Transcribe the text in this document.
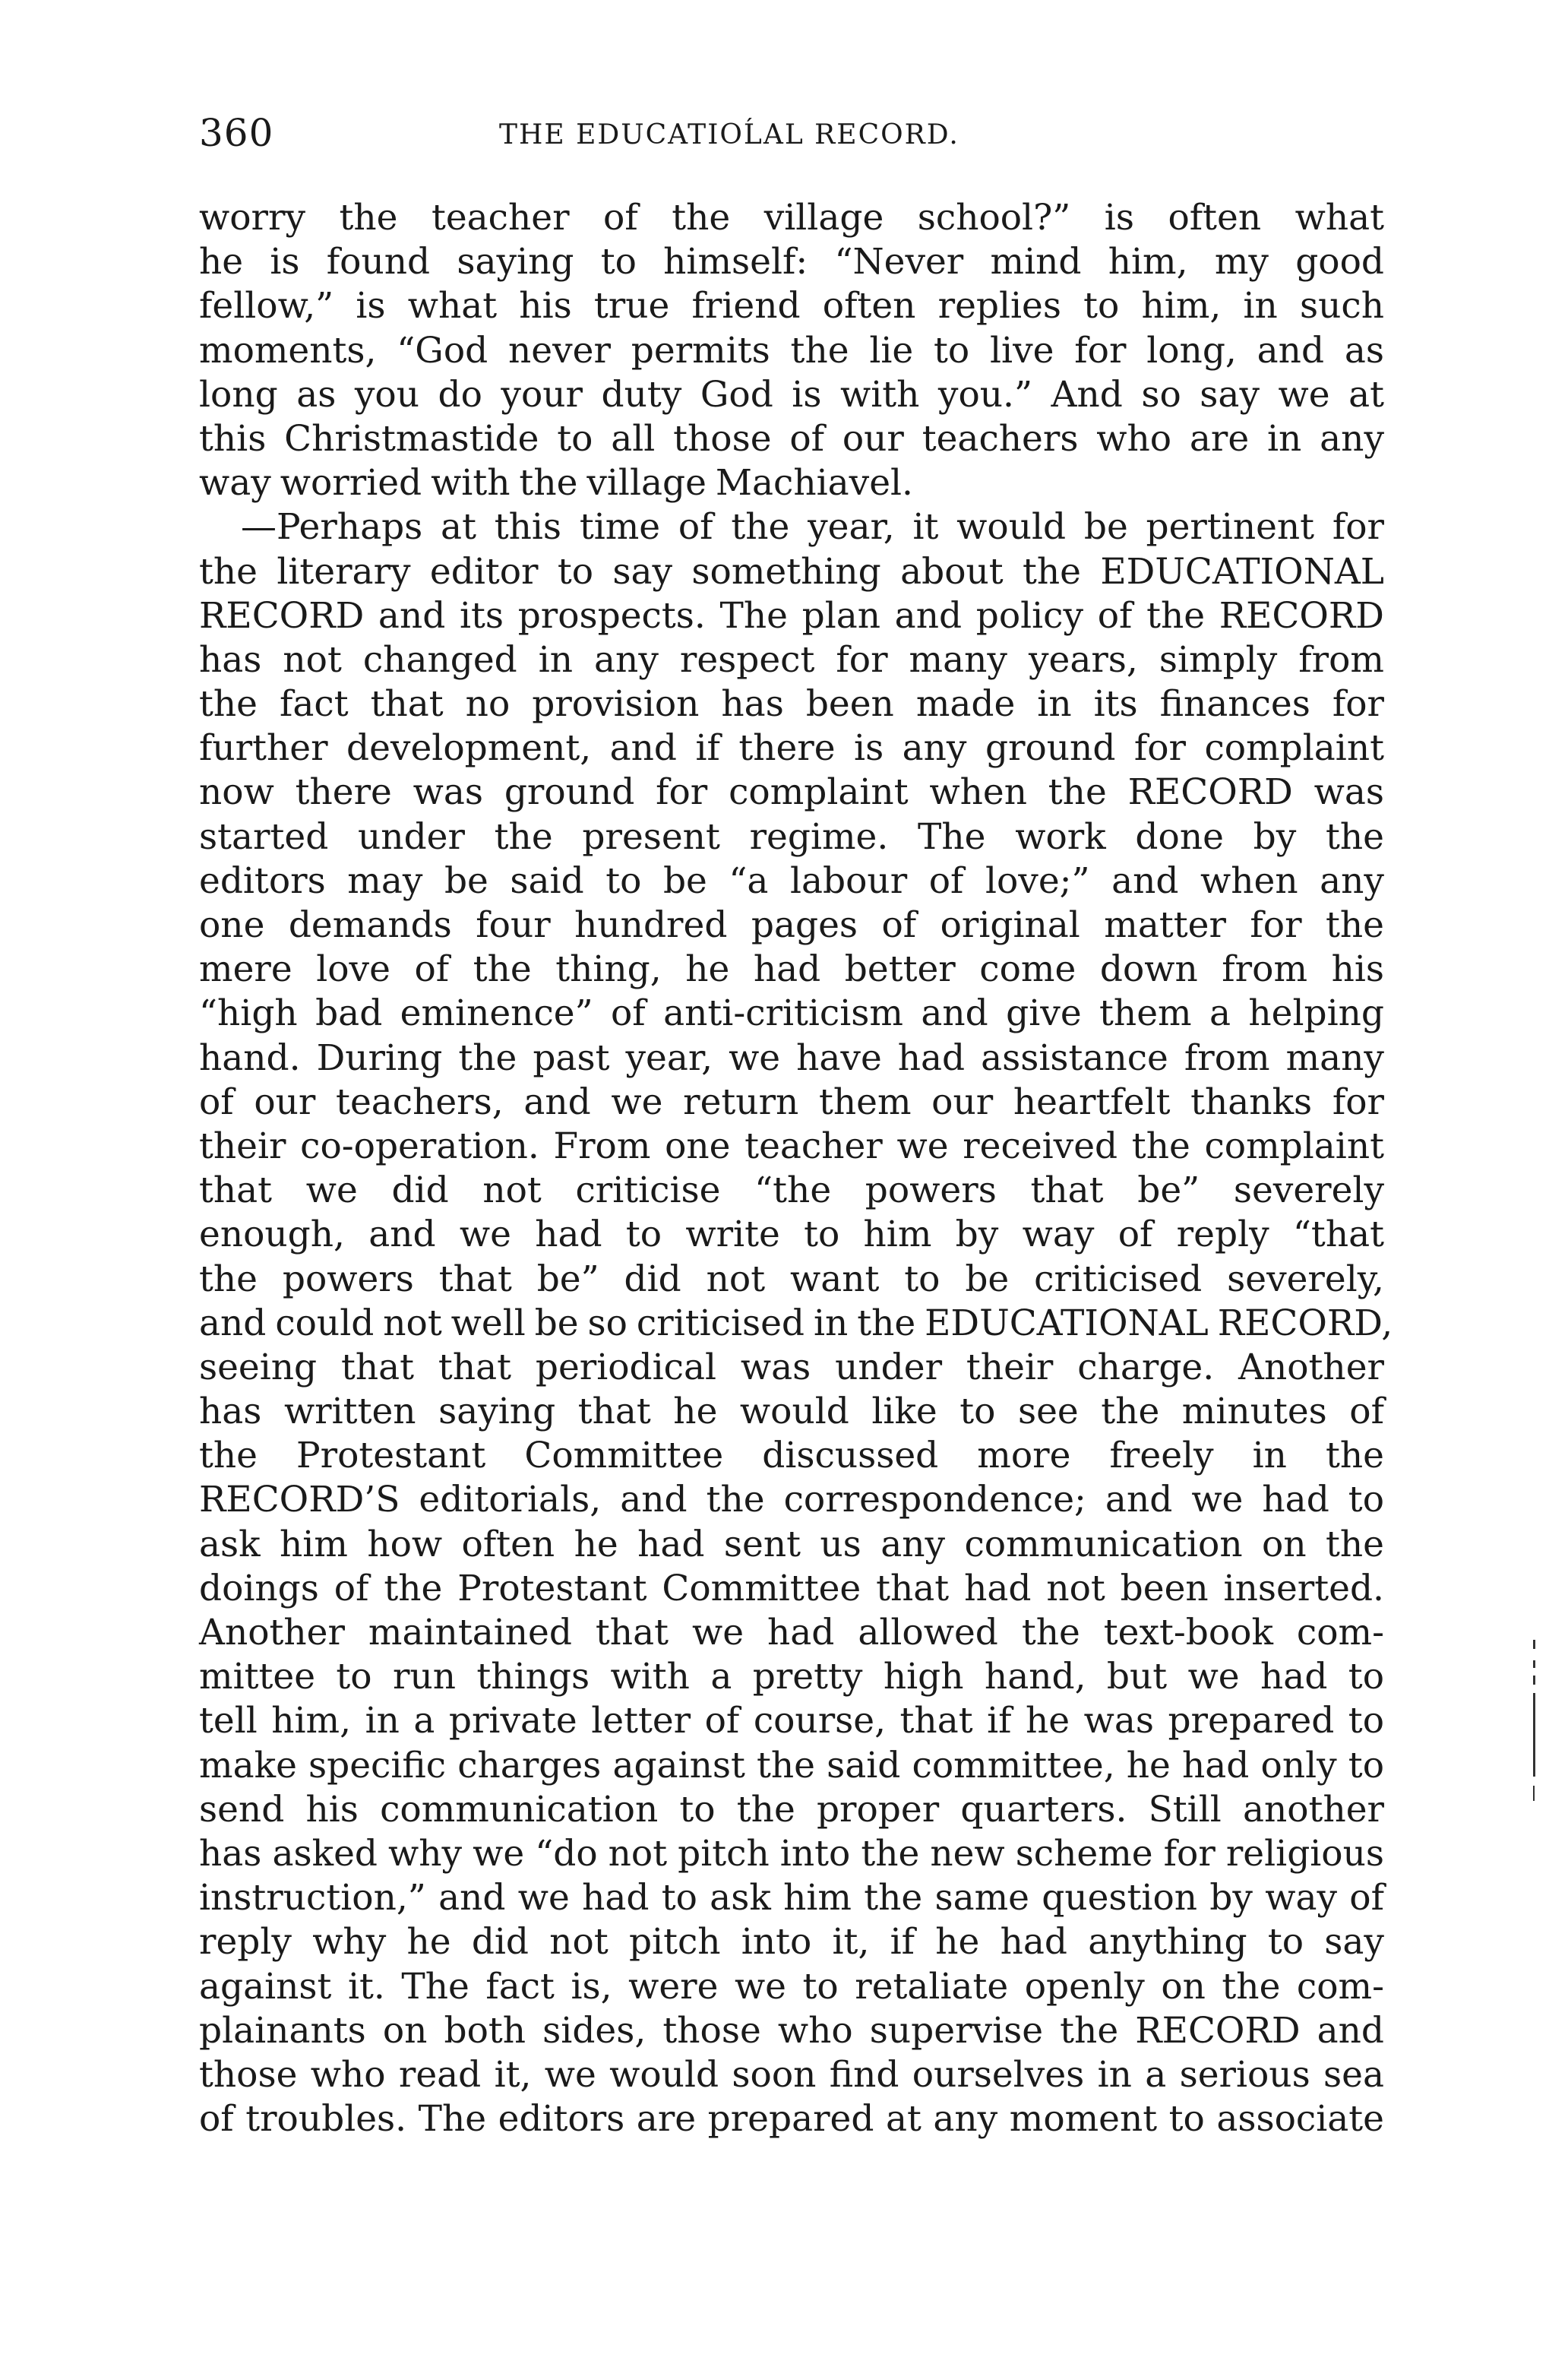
360	THE EDUCATIOĹAL RECORD.
worry the teacher of the village school?” is often what
he is found saying to himself: “Never mind him, my good
fellow,” is what his true friend often replies to him, in such
moments, “God never permits the lie to live for long, and as
long as you do your duty God is with you.” And so say we at
this Christmastide to all those of our teachers who are in any
way worried with the village Machiavel.
—Perhaps at this time of the year, it would be pertinent for
the literary editor to say something about the EDUCATIONAL
RECORD and its prospects. The plan and policy of the RECORD
has not changed in any respect for many years, simply from
the fact that no provision has been made in its finances for
further development, and if there is any ground for complaint
now there was ground for complaint when the RECORD was
started under the present regime. The work done by the
editors may be said to be “a labour of love;” and when any
one demands four hundred pages of original matter for the
mere love of the thing, he had better come down from his
“high bad eminence” of anti-criticism and give them a helping
hand. During the past year, we have had assistance from many
of our teachers, and we return them our heartfelt thanks for
their co-operation. From one teacher we received the complaint
that we did not criticise “the powers that be” severely
enough, and we had to write to him by way of reply “that
the powers that be” did not want to be criticised severely,
and could not well be so criticised in the EDUCATIONAL RECORD,
seeing that that periodical was under their charge. Another
has written saying that he would like to see the minutes of
the Protestant Committee discussed more freely in the
RECORD’S editorials, and the correspondence; and we had to
ask him how often he had sent us any communication on the
doings of the Protestant Committee that had not been inserted.
Another maintained that we had allowed the text-book com-
mittee to run things with a pretty high hand, but we had to
tell him, in a private letter of course, that if he was prepared to
make specific charges against the said committee, he had only to
send his communication to the proper quarters. Still another
has asked why we “do not pitch into the new scheme for religious
instruction,” and we had to ask him the same question by way of
reply why he did not pitch into it, if he had anything to say
against it. The fact is, were we to retaliate openly on the com-
plainants on both sides, those who supervise the RECORD and
those who read it, we would soon find ourselves in a serious sea
of troubles. The editors are prepared at any moment to associate
